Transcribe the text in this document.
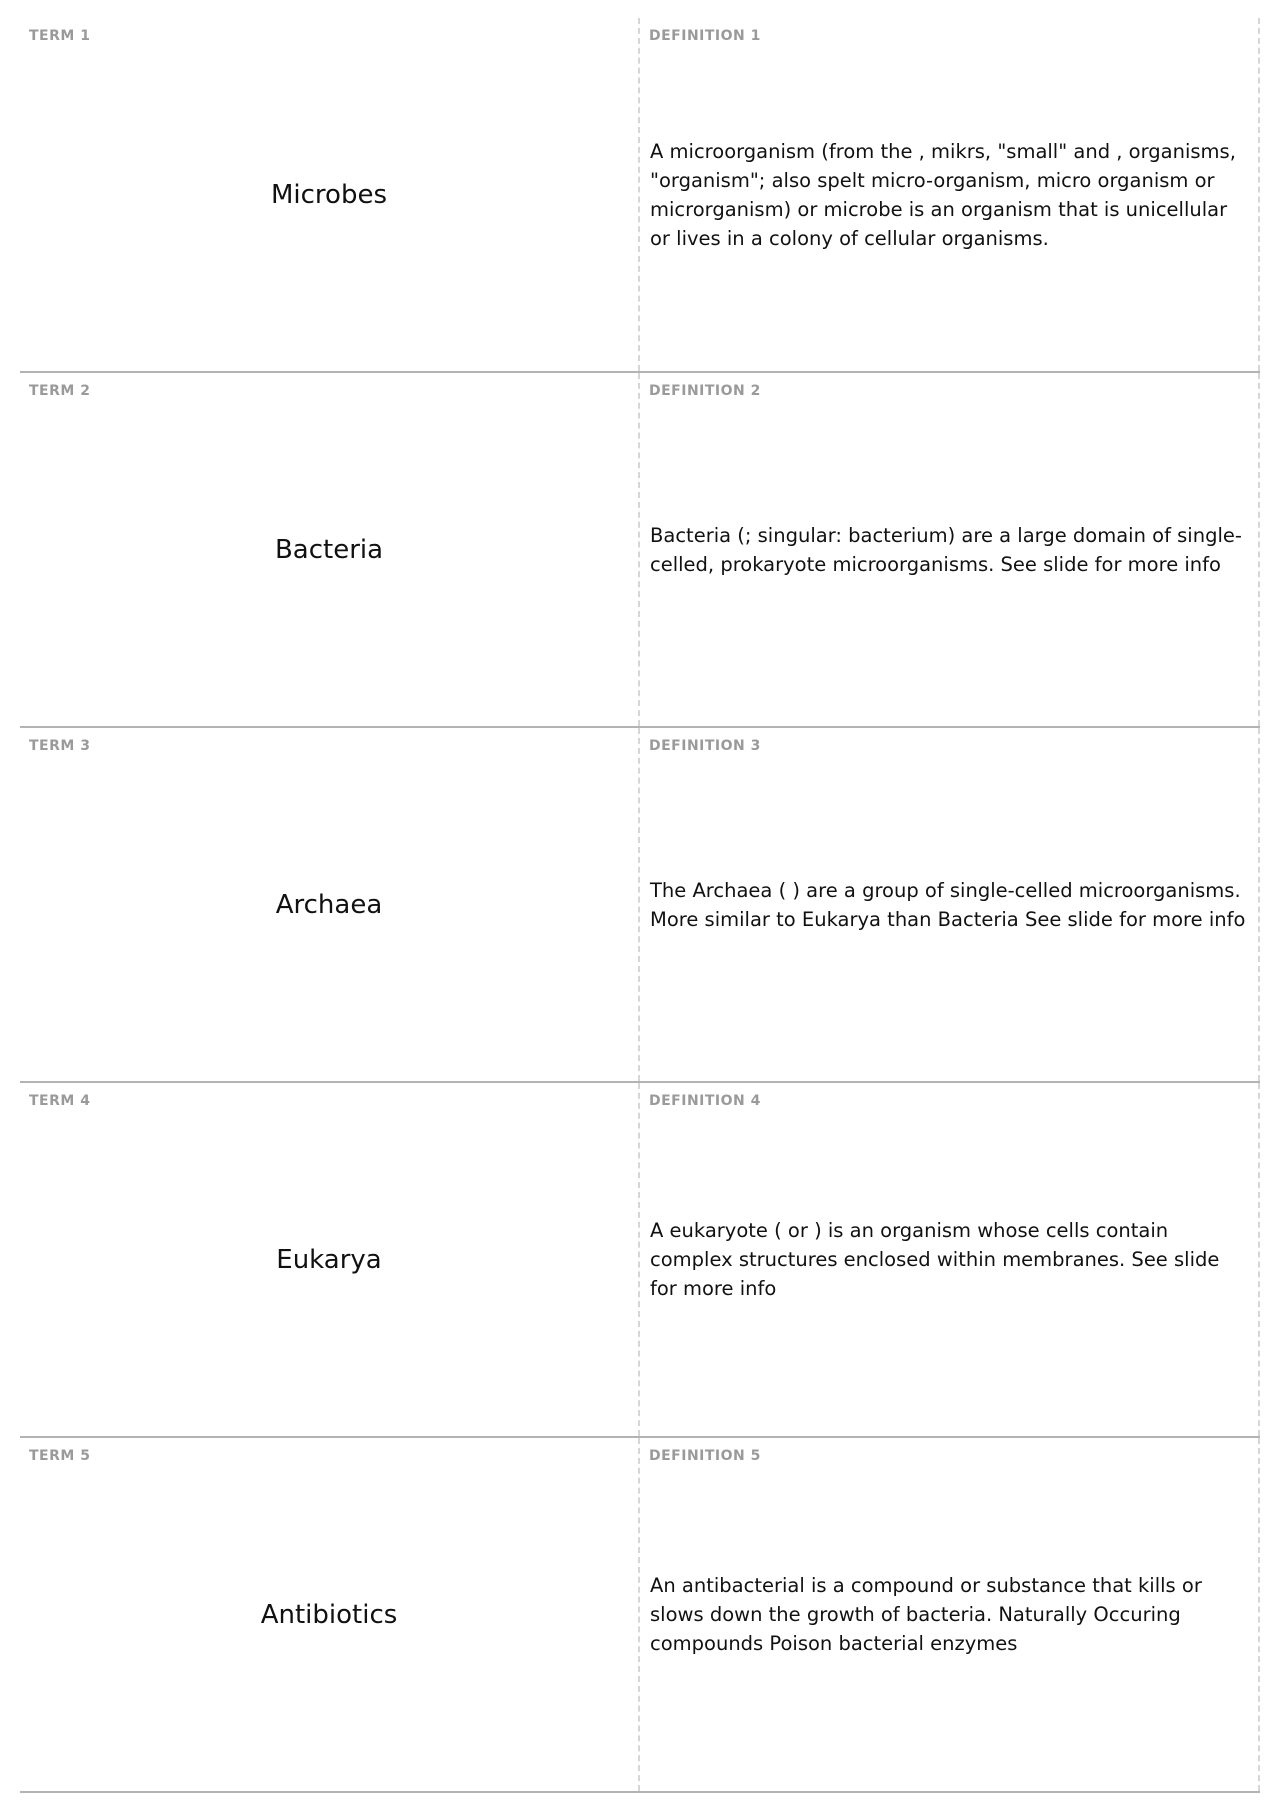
TERM 1
Microbes
DEFINITION 1
A microorganism (from the , mikrs, "small" and , organisms, "organism"; also spelt micro-organism, micro organism or microrganism) or microbe is an organism that is unicellular or lives in a colony of cellular organisms.
TERM 2
Bacteria
DEFINITION 2
Bacteria (; singular: bacterium) are a large domain of single-celled, prokaryote microorganisms. See slide for more info
TERM 3
Archaea
DEFINITION 3
The Archaea ( ) are a group of single-celled microorganisms. More similar to Eukarya than Bacteria See slide for more info
TERM 4
Eukarya
DEFINITION 4
A eukaryote ( or ) is an organism whose cells contain complex structures enclosed within membranes. See slide for more info
TERM 5
Antibiotics
DEFINITION 5
An antibacterial is a compound or substance that kills or slows down the growth of bacteria. Naturally Occuring compounds Poison bacterial enzymes
